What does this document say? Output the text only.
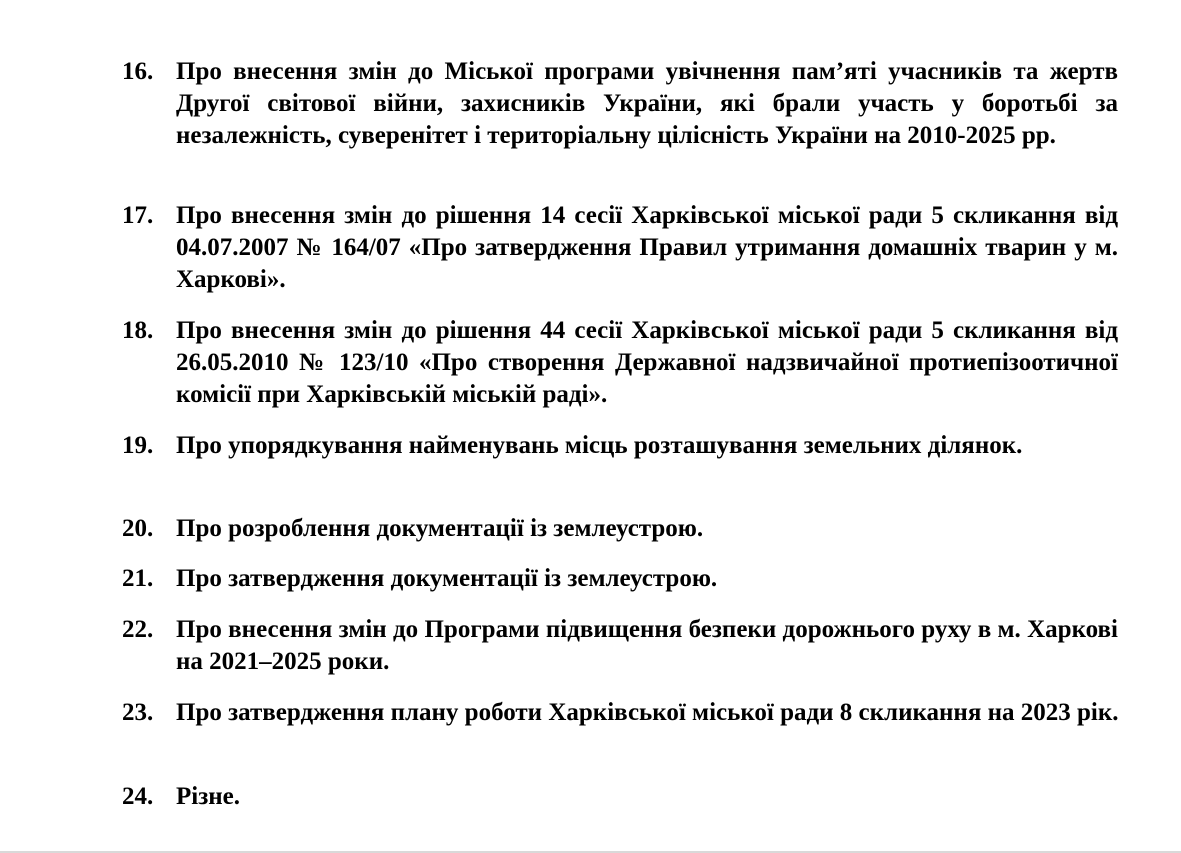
16. Про внесення змін до Міської програми увічнення пам’яті учасників та жертв Другої світової війни, захисників України, які брали участь у боротьбі за незалежність, суверенітет і територіальну цілісність України на 2010-2025 рр.
17. Про внесення змін до рішення 14 сесії Харківської міської ради 5 скликання від 04.07.2007 № 164/07 «Про затвердження Правил утримання домашніх тварин у м. Харкові».
18. Про внесення змін до рішення 44 сесії Харківської міської ради 5 скликання від 26.05.2010 № 123/10 «Про створення Державної надзвичайної протиепізоотичної комісії при Харківській міській раді».
19. Про упорядкування найменувань місць розташування земельних ділянок.
20. Про розроблення документації із землеустрою.
21. Про затвердження документації із землеустрою.
22. Про внесення змін до Програми підвищення безпеки дорожнього руху в м. Харкові на 2021–2025 роки.
23. Про затвердження плану роботи Харківської міської ради 8 скликання на 2023 рік.
24. Різне.
